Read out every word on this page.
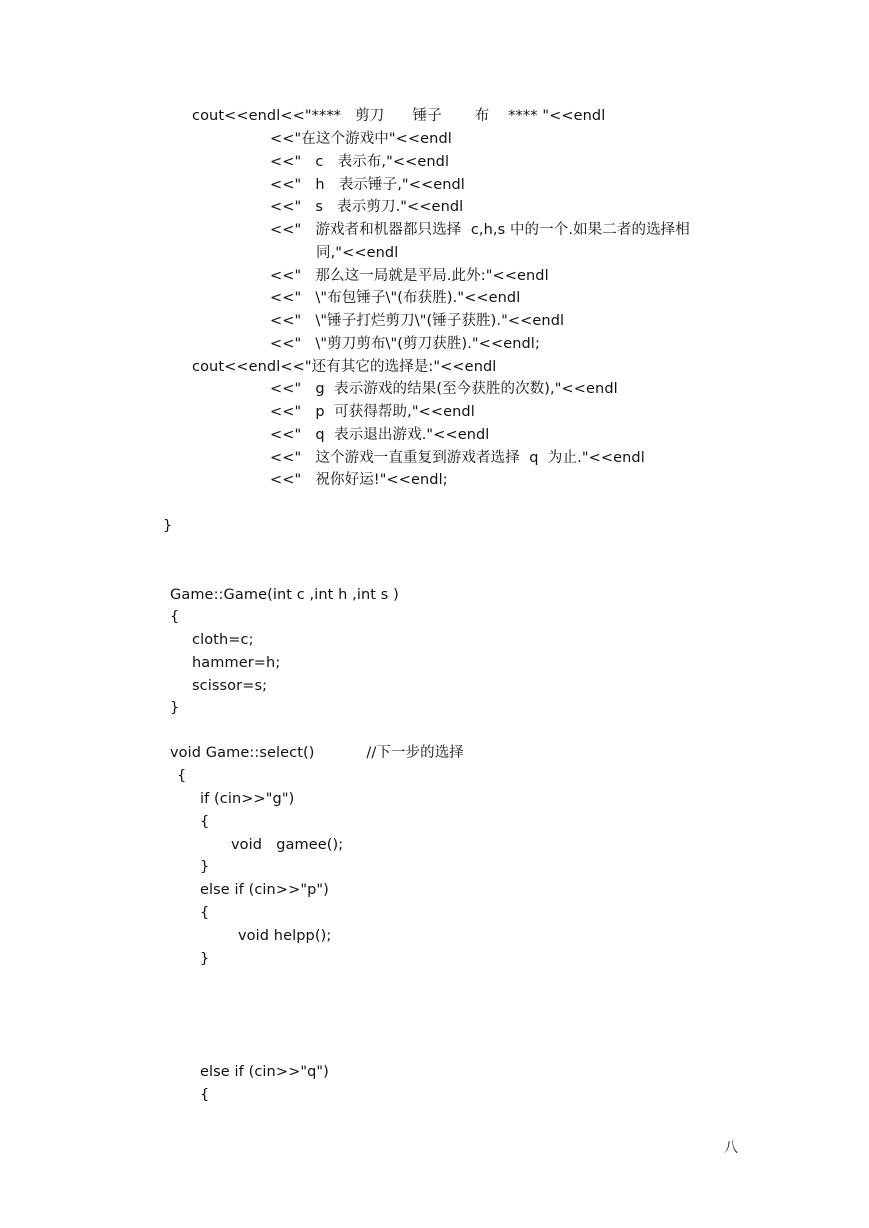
cout<<endl<<"****   剪刀      锤子       布    **** "<<endl
<<"在这个游戏中"<<endl
<<"   c   表示布,"<<endl
<<"   h   表示锤子,"<<endl
<<"   s   表示剪刀."<<endl
<<"   游戏者和机器都只选择  c,h,s 中的一个.如果二者的选择相
同,"<<endl
<<"   那么这一局就是平局.此外:"<<endl
<<"   \"布包锤子\"(布获胜)."<<endl
<<"   \"锤子打烂剪刀\"(锤子获胜)."<<endl
<<"   \"剪刀剪布\"(剪刀获胜)."<<endl;
cout<<endl<<"还有其它的选择是:"<<endl
<<"   g  表示游戏的结果(至今获胜的次数),"<<endl
<<"   p  可获得帮助,"<<endl
<<"   q  表示退出游戏."<<endl
<<"   这个游戏一直重复到游戏者选择  q  为止."<<endl
<<"   祝你好运!"<<endl;
}
Game::Game(int c ,int h ,int s )
{
cloth=c;
hammer=h;
scissor=s;
}
void Game::select()           //下一步的选择
{
if (cin>>"g")
{
void   gamee();
}
else if (cin>>"p")
{
void helpp();
}
else if (cin>>"q")
{
八
